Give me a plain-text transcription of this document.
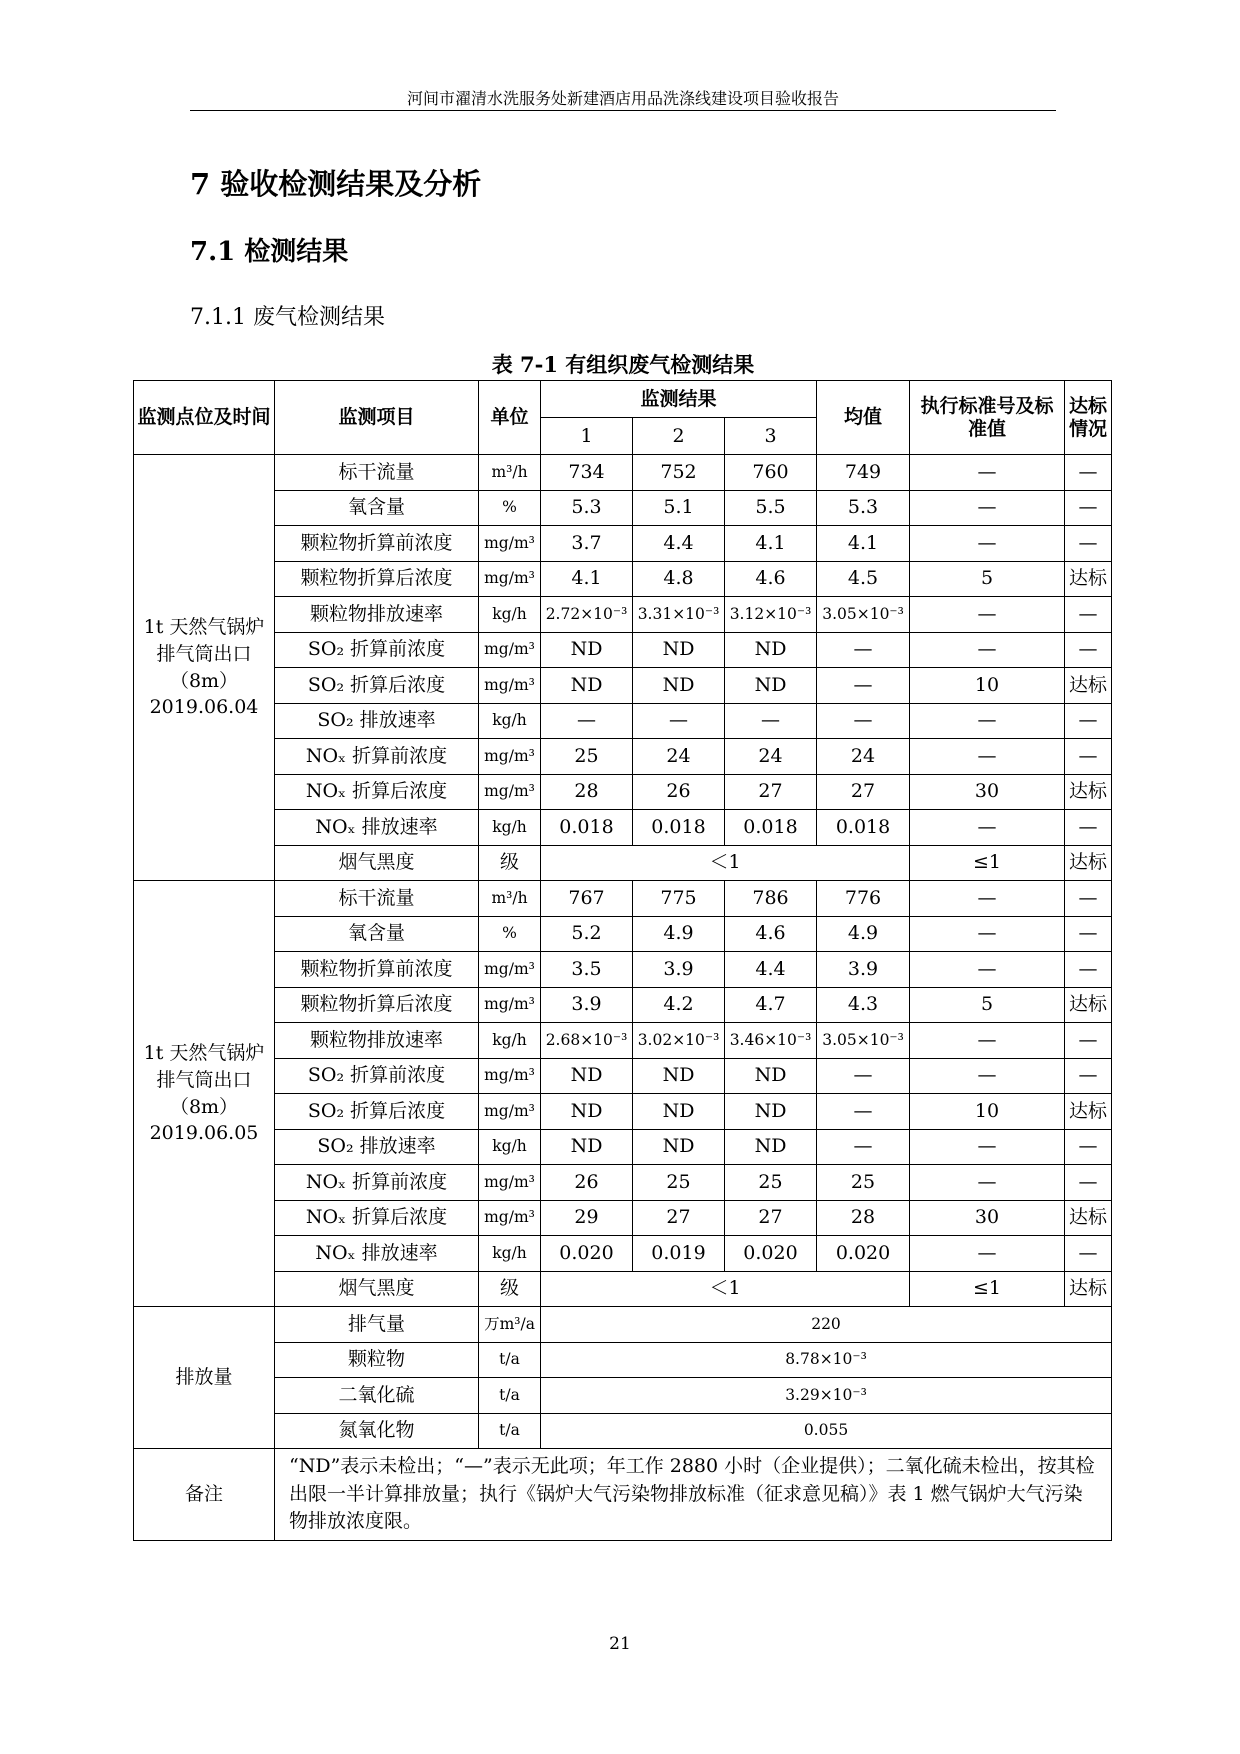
河间市濯清水洗服务处新建酒店用品洗涤线建设项目验收报告
7 验收检测结果及分析
7.1 检测结果
7.1.1 废气检测结果
表 7-1 有组织废气检测结果
监测点位及时间	监测项目	单位	监测结果			均值	执行标准号及标准值	达标情况
			1	2	3			
1t 天然气锅炉排气筒出口（8m）2019.06.04	标干流量	m³/h	734	752	760	749	—	—
	氧含量	%	5.3	5.1	5.5	5.3	—	—
	颗粒物折算前浓度	mg/m³	3.7	4.4	4.1	4.1	—	—
	颗粒物折算后浓度	mg/m³	4.1	4.8	4.6	4.5	5	达标
	颗粒物排放速率	kg/h	2.72×10⁻³	3.31×10⁻³	3.12×10⁻³	3.05×10⁻³	—	—
	SO₂ 折算前浓度	mg/m³	ND	ND	ND	—	—	—
	SO₂ 折算后浓度	mg/m³	ND	ND	ND	—	10	达标
	SO₂ 排放速率	kg/h	—	—	—	—	—	—
	NOₓ 折算前浓度	mg/m³	25	24	24	24	—	—
	NOₓ 折算后浓度	mg/m³	28	26	27	27	30	达标
	NOₓ 排放速率	kg/h	0.018	0.018	0.018	0.018	—	—
	烟气黑度	级	＜1				≤1	达标
1t 天然气锅炉排气筒出口（8m）2019.06.05	标干流量	m³/h	767	775	786	776	—	—
	氧含量	%	5.2	4.9	4.6	4.9	—	—
	颗粒物折算前浓度	mg/m³	3.5	3.9	4.4	3.9	—	—
	颗粒物折算后浓度	mg/m³	3.9	4.2	4.7	4.3	5	达标
	颗粒物排放速率	kg/h	2.68×10⁻³	3.02×10⁻³	3.46×10⁻³	3.05×10⁻³	—	—
	SO₂ 折算前浓度	mg/m³	ND	ND	ND	—	—	—
	SO₂ 折算后浓度	mg/m³	ND	ND	ND	—	10	达标
	SO₂ 排放速率	kg/h	ND	ND	ND	—	—	—
	NOₓ 折算前浓度	mg/m³	26	25	25	25	—	—
	NOₓ 折算后浓度	mg/m³	29	27	27	28	30	达标
	NOₓ 排放速率	kg/h	0.020	0.019	0.020	0.020	—	—
	烟气黑度	级	＜1				≤1	达标
排放量	排气量	万m³/a	220					
	颗粒物	t/a	8.78×10⁻³					
	二氧化硫	t/a	3.29×10⁻³					
	氮氧化物	t/a	0.055					
备注	“ND”表示未检出；“—”表示无此项；年工作 2880 小时（企业提供）；二氧化硫未检出，按其检出限一半计算排放量；执行《锅炉大气污染物排放标准（征求意见稿）》表 1 燃气锅炉大气污染物排放浓度限。							
21
